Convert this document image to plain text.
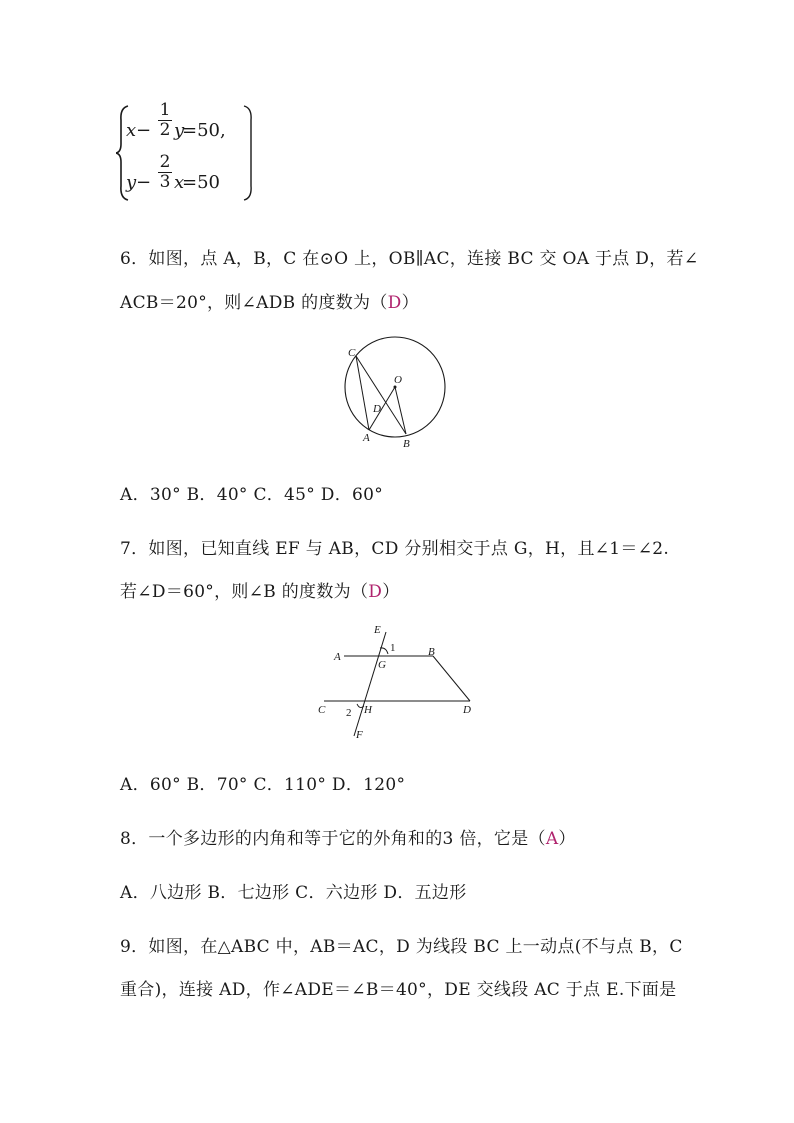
x −
1
2 y
=50,
y −
2
3 x
=50
6．如图，点 A，B，C 在⊙O 上，OB∥AC，连接 BC 交 OA 于点 D，若∠
ACB＝20°，则∠ADB 的度数为（D）
C
O
D
A	B
A．30° B．40° C．45° D．60°
7．如图，已知直线 EF 与 AB，CD 分别相交于点 G，H，且∠1＝∠2.
若∠D＝60°，则∠B 的度数为（D）
E
1
A
G
B
C 2 H	D
F
A．60° B．70° C．110° D．120°
8．一个多边形的内角和等于它的外角和的3 倍，它是（A）
A．八边形 B．七边形 C．六边形 D．五边形
9．如图，在△ABC 中，AB＝AC，D 为线段 BC 上一动点(不与点 B，C
重合)，连接 AD，作∠ADE＝∠B＝40°，DE 交线段 AC 于点 E.下面是
